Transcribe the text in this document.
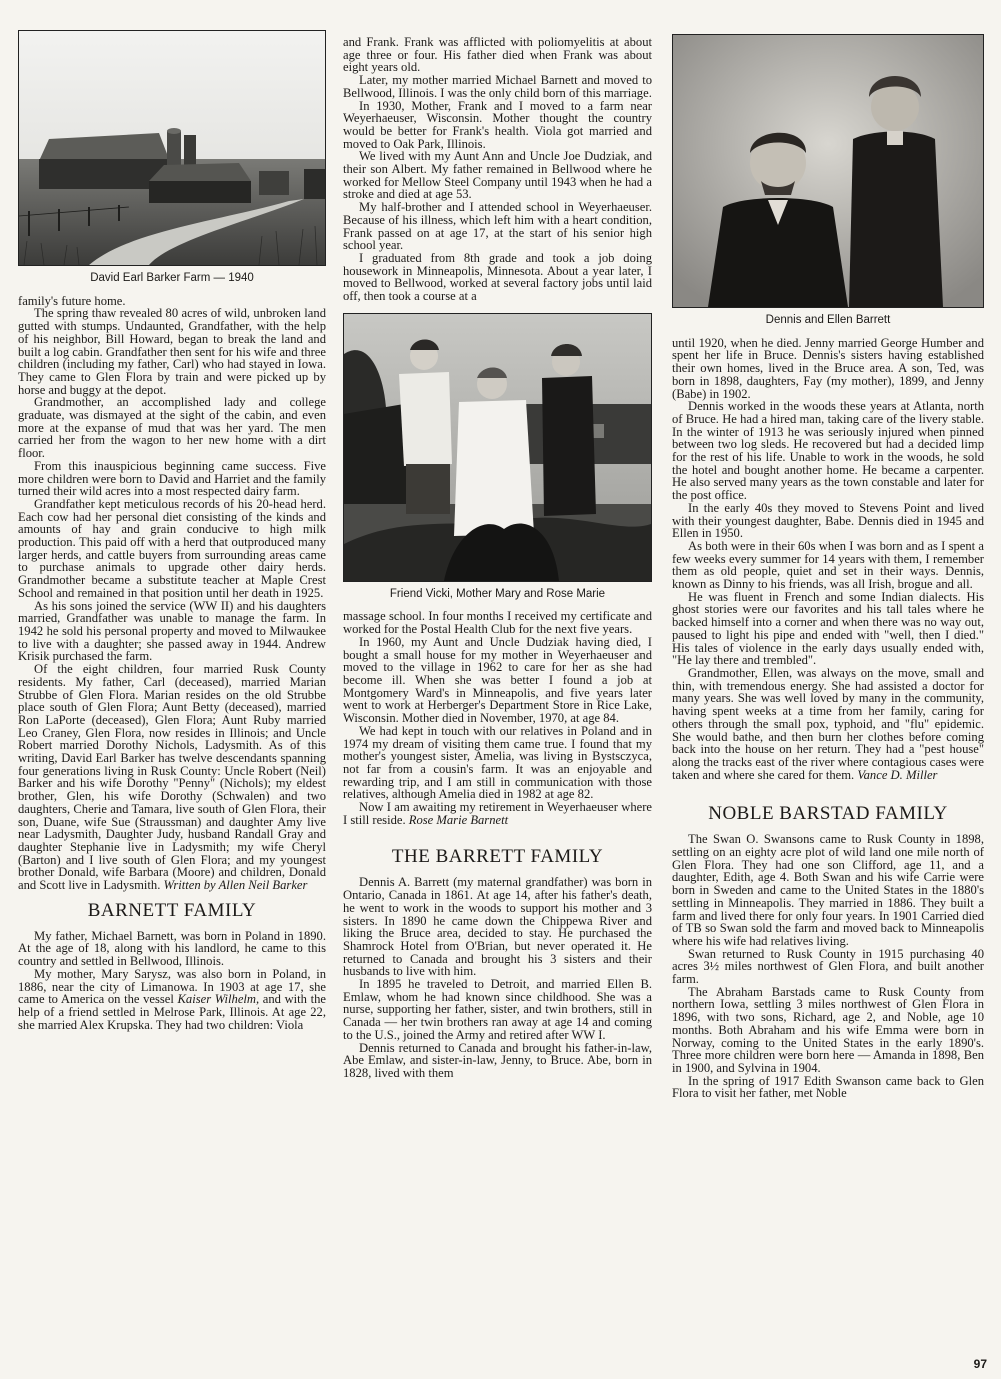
David Earl Barker Farm — 1940

family's future home.

The spring thaw revealed 80 acres of wild, unbroken land gutted with stumps. Undaunted, Grandfather, with the help of his neighbor, Bill Howard, began to break the land and built a log cabin. Grandfather then sent for his wife and three children (including my father, Carl) who had stayed in Iowa. They came to Glen Flora by train and were picked up by horse and buggy at the depot.

Grandmother, an accomplished lady and college graduate, was dismayed at the sight of the cabin, and even more at the expanse of mud that was her yard. The men carried her from the wagon to her new home with a dirt floor.

From this inauspicious beginning came success. Five more children were born to David and Harriet and the family turned their wild acres into a most respected dairy farm.

Grandfather kept meticulous records of his 20-head herd. Each cow had her personal diet consisting of the kinds and amounts of hay and grain conducive to high milk production. This paid off with a herd that outproduced many larger herds, and cattle buyers from surrounding areas came to purchase animals to upgrade other dairy herds. Grandmother became a substitute teacher at Maple Crest School and remained in that position until her death in 1925.

As his sons joined the service (WW II) and his daughters married, Grandfather was unable to manage the farm. In 1942 he sold his personal property and moved to Milwaukee to live with a daughter; she passed away in 1944. Andrew Krisik purchased the farm.

Of the eight children, four married Rusk County residents. My father, Carl (deceased), married Marian Strubbe of Glen Flora. Marian resides on the old Strubbe place south of Glen Flora; Aunt Betty (deceased), married Ron LaPorte (deceased), Glen Flora; Aunt Ruby married Leo Craney, Glen Flora, now resides in Illinois; and Uncle Robert married Dorothy Nichols, Ladysmith. As of this writing, David Earl Barker has twelve descendants spanning four generations living in Rusk County: Uncle Robert (Neil) Barker and his wife Dorothy "Penny" (Nichols); my eldest brother, Glen, his wife Dorothy (Schwalen) and two daughters, Cherie and Tamara, live south of Glen Flora, their son, Duane, wife Sue (Straussman) and daughter Amy live near Ladysmith, Daughter Judy, husband Randall Gray and daughter Stephanie live in Ladysmith; my wife Cheryl (Barton) and I live south of Glen Flora; and my youngest brother Donald, wife Barbara (Moore) and children, Donald and Scott live in Ladysmith. Written by Allen Neil Barker

BARNETT FAMILY

My father, Michael Barnett, was born in Poland in 1890. At the age of 18, along with his landlord, he came to this country and settled in Bellwood, Illinois.

My mother, Mary Sarysz, was also born in Poland, in 1886, near the city of Limanowa. In 1903 at age 17, she came to America on the vessel Kaiser Wilhelm, and with the help of a friend settled in Melrose Park, Illinois. At age 22, she married Alex Krupska. They had two children: Viola

and Frank. Frank was afflicted with poliomyelitis at about age three or four. His father died when Frank was about eight years old.

Later, my mother married Michael Barnett and moved to Bellwood, Illinois. I was the only child born of this marriage.

In 1930, Mother, Frank and I moved to a farm near Weyerhaeuser, Wisconsin. Mother thought the country would be better for Frank's health. Viola got married and moved to Oak Park, Illinois.

We lived with my Aunt Ann and Uncle Joe Dudziak, and their son Albert. My father remained in Bellwood where he worked for Mellow Steel Company until 1943 when he had a stroke and died at age 53.

My half-brother and I attended school in Weyerhaeuser. Because of his illness, which left him with a heart condition, Frank passed on at age 17, at the start of his senior high school year.

I graduated from 8th grade and took a job doing housework in Minneapolis, Minnesota. About a year later, I moved to Bellwood, worked at several factory jobs until laid off, then took a course at a

Friend Vicki, Mother Mary and Rose Marie

massage school. In four months I received my certificate and worked for the Postal Health Club for the next five years.

In 1960, my Aunt and Uncle Dudziak having died, I bought a small house for my mother in Weyerhaeuser and moved to the village in 1962 to care for her as she had become ill. When she was better I found a job at Montgomery Ward's in Minneapolis, and five years later went to work at Herberger's Department Store in Rice Lake, Wisconsin. Mother died in November, 1970, at age 84.

We had kept in touch with our relatives in Poland and in 1974 my dream of visiting them came true. I found that my mother's youngest sister, Amelia, was living in Bystsczyca, not far from a cousin's farm. It was an enjoyable and rewarding trip, and I am still in communication with those relatives, although Amelia died in 1982 at age 82.

Now I am awaiting my retirement in Weyerhaeuser where I still reside. Rose Marie Barnett

THE BARRETT FAMILY

Dennis A. Barrett (my maternal grandfather) was born in Ontario, Canada in 1861. At age 14, after his father's death, he went to work in the woods to support his mother and 3 sisters. In 1890 he came down the Chippewa River and liking the Bruce area, decided to stay. He purchased the Shamrock Hotel from O'Brian, but never operated it. He returned to Canada and brought his 3 sisters and their husbands to live with him.

In 1895 he traveled to Detroit, and married Ellen B. Emlaw, whom he had known since childhood. She was a nurse, supporting her father, sister, and twin brothers, still in Canada — her twin brothers ran away at age 14 and coming to the U.S., joined the Army and retired after WW I.

Dennis returned to Canada and brought his father-in-law, Abe Emlaw, and sister-in-law, Jenny, to Bruce. Abe, born in 1828, lived with them

Dennis and Ellen Barrett

until 1920, when he died. Jenny married George Humber and spent her life in Bruce. Dennis's sisters having established their own homes, lived in the Bruce area. A son, Ted, was born in 1898, daughters, Fay (my mother), 1899, and Jenny (Babe) in 1902.

Dennis worked in the woods these years at Atlanta, north of Bruce. He had a hired man, taking care of the livery stable. In the winter of 1913 he was seriously injured when pinned between two log sleds. He recovered but had a decided limp for the rest of his life. Unable to work in the woods, he sold the hotel and bought another home. He became a carpenter. He also served many years as the town constable and later for the post office.

In the early 40s they moved to Stevens Point and lived with their youngest daughter, Babe. Dennis died in 1945 and Ellen in 1950.

As both were in their 60s when I was born and as I spent a few weeks every summer for 14 years with them, I remember them as old people, quiet and set in their ways. Dennis, known as Dinny to his friends, was all Irish, brogue and all.

He was fluent in French and some Indian dialects. His ghost stories were our favorites and his tall tales where he backed himself into a corner and when there was no way out, paused to light his pipe and ended with "well, then I died." His tales of violence in the early days usually ended with, "He lay there and trembled".

Grandmother, Ellen, was always on the move, small and thin, with tremendous energy. She had assisted a doctor for many years. She was well loved by many in the community, having spent weeks at a time from her family, caring for others through the small pox, typhoid, and "flu" epidemic. She would bathe, and then burn her clothes before coming back into the house on her return. They had a "pest house" along the tracks east of the river where contagious cases were taken and where she cared for them. Vance D. Miller

NOBLE BARSTAD FAMILY

The Swan O. Swansons came to Rusk County in 1898, settling on an eighty acre plot of wild land one mile north of Glen Flora. They had one son Clifford, age 11, and a daughter, Edith, age 4. Both Swan and his wife Carrie were born in Sweden and came to the United States in the 1880's settling in Minneapolis. They married in 1886. They built a farm and lived there for only four years. In 1901 Carried died of TB so Swan sold the farm and moved back to Minneapolis where his wife had relatives living.

Swan returned to Rusk County in 1915 purchasing 40 acres 3½ miles northwest of Glen Flora, and built another farm.

The Abraham Barstads came to Rusk County from northern Iowa, settling 3 miles northwest of Glen Flora in 1896, with two sons, Richard, age 2, and Noble, age 10 months. Both Abraham and his wife Emma were born in Norway, coming to the United States in the early 1890's. Three more children were born here — Amanda in 1898, Ben in 1900, and Sylvina in 1904.

In the spring of 1917 Edith Swanson came back to Glen Flora to visit her father, met Noble

97
